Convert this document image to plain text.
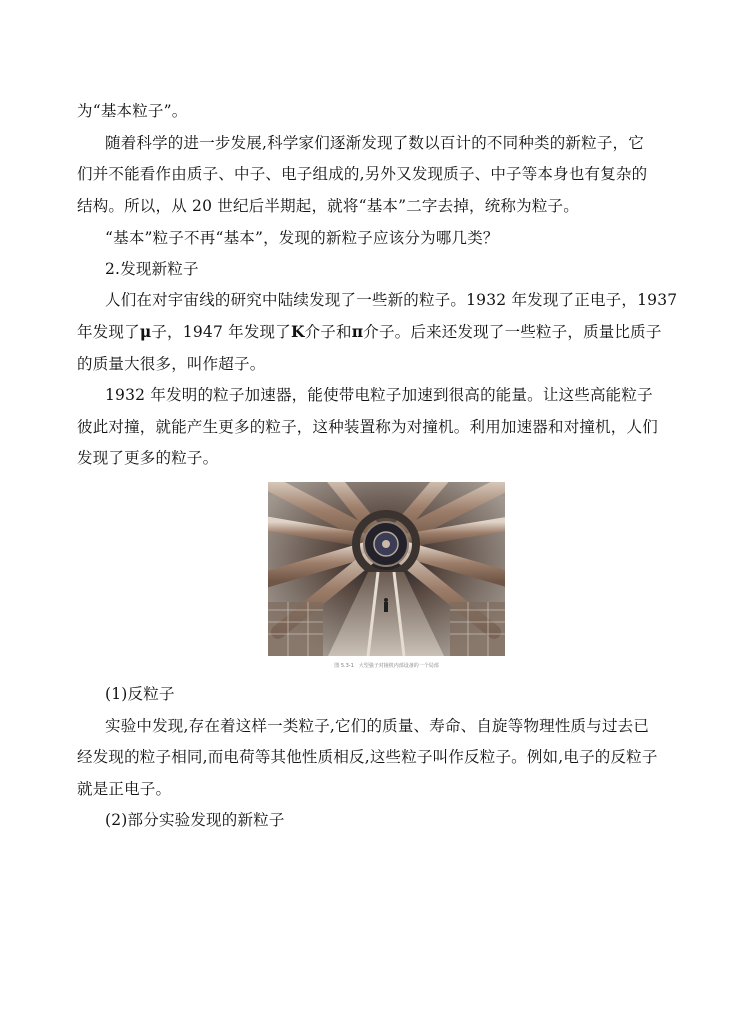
为“基本粒子”。
随着科学的进一步发展,科学家们逐渐发现了数以百计的不同种类的新粒子，它
们并不能看作由质子、中子、电子组成的,另外又发现质子、中子等本身也有复杂的
结构。所以，从 20 世纪后半期起，就将“基本”二字去掉，统称为粒子。
“基本”粒子不再“基本”，发现的新粒子应该分为哪几类？
2.发现新粒子
人们在对宇宙线的研究中陆续发现了一些新的粒子。1932 年发现了正电子，1937
年发现了μ子，1947 年发现了K介子和π介子。后来还发现了一些粒子，质量比质子
的质量大很多，叫作超子。
1932 年发明的粒子加速器，能使带电粒子加速到很高的能量。让这些高能粒子
彼此对撞，就能产生更多的粒子，这种装置称为对撞机。利用加速器和对撞机，人们
发现了更多的粒子。
图 5.3-1　大型强子对撞机内部设备的一个局部
(1)反粒子
实验中发现,存在着这样一类粒子,它们的质量、寿命、自旋等物理性质与过去已
经发现的粒子相同,而电荷等其他性质相反,这些粒子叫作反粒子。例如,电子的反粒子
就是正电子。
(2)部分实验发现的新粒子
